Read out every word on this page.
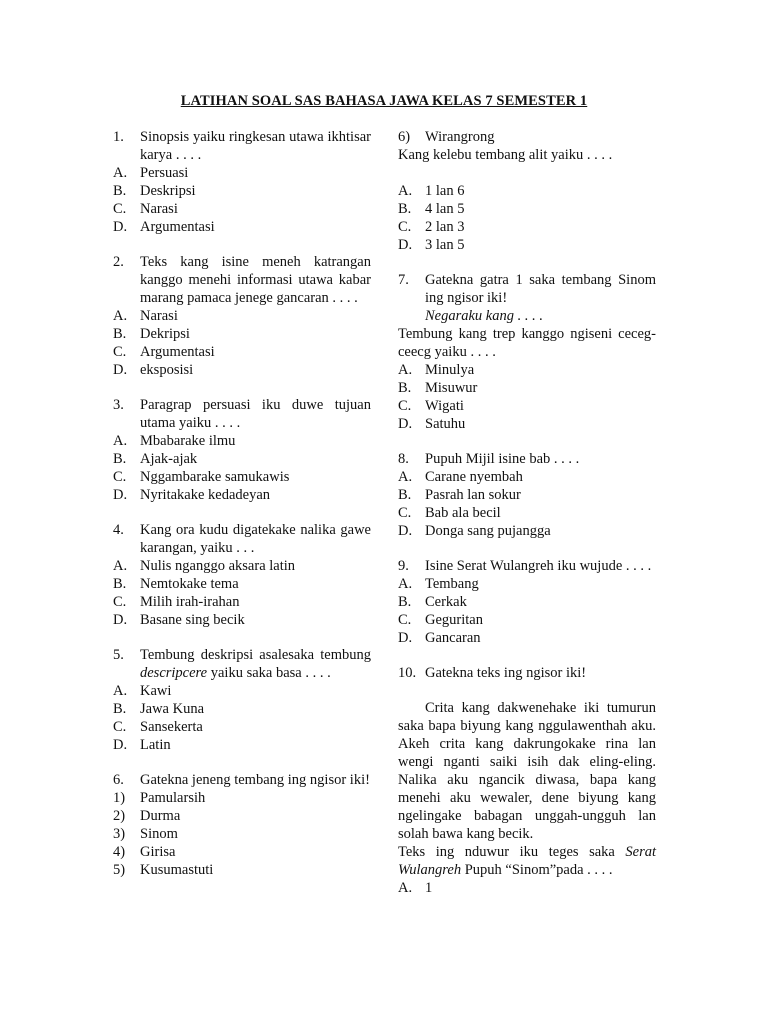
LATIHAN SOAL SAS BAHASA JAWA KELAS 7 SEMESTER 1
1.	Sinopsis yaiku ringkesan utawa ikhtisar karya . . . .
A. Persuasi
B. Deskripsi
C. Narasi
D. Argumentasi
2.	Teks kang isine meneh katrangan kanggo menehi informasi utawa kabar marang pamaca jenege gancaran . . . .
A. Narasi
B. Dekripsi
C. Argumentasi
D. eksposisi
3.	Paragrap persuasi iku duwe tujuan utama yaiku . . . .
A. Mbabarake ilmu
B. Ajak-ajak
C. Nggambarake samukawis
D. Nyritakake kedadeyan
4.	Kang ora kudu digatekake nalika gawe karangan, yaiku . . .
A. Nulis nganggo aksara latin
B. Nemtokake tema
C. Milih irah-irahan
D. Basane sing becik
5.	Tembung deskripsi asalesaka tembung descripcere yaiku saka basa . . . .
A. Kawi
B. Jawa Kuna
C. Sansekerta
D. Latin
6.	Gatekna jeneng tembang ing ngisor iki!
1)	Pamularsih
2)	Durma
3)	Sinom
4)	Girisa
5)	Kusumastuti
6)	Wirangrong
Kang kelebu tembang alit yaiku . . . .
A. 1 lan 6
B. 4 lan 5
C. 2 lan 3
D. 3 lan 5
7.	Gatekna gatra 1 saka tembang Sinom ing ngisor iki!
Negaraku kang . . . .
Tembung kang trep kanggo ngiseni ceceg-ceecg yaiku . . . .
A. Minulya
B. Misuwur
C. Wigati
D. Satuhu
8.	Pupuh Mijil isine bab . . . .
A. Carane nyembah
B. Pasrah lan sokur
C. Bab ala becil
D. Donga sang pujangga
9.	Isine Serat Wulangreh iku wujude . . . .
A. Tembang
B. Cerkak
C. Geguritan
D. Gancaran
10. Gatekna teks ing ngisor iki!

Crita kang dakwenehake iki tumurun saka bapa biyung kang nggulawenthah aku. Akeh crita kang dakrungokake rina lan wengi nganti saiki isih dak eling-eling. Nalika aku ngancik diwasa, bapa kang menehi aku wewaler, dene biyung kang ngelingake babagan unggah-ungguh lan solah bawa kang becik.

Teks ing nduwur iku teges saka Serat Wulangreh Pupuh “Sinom”pada . . . .
A. 1
